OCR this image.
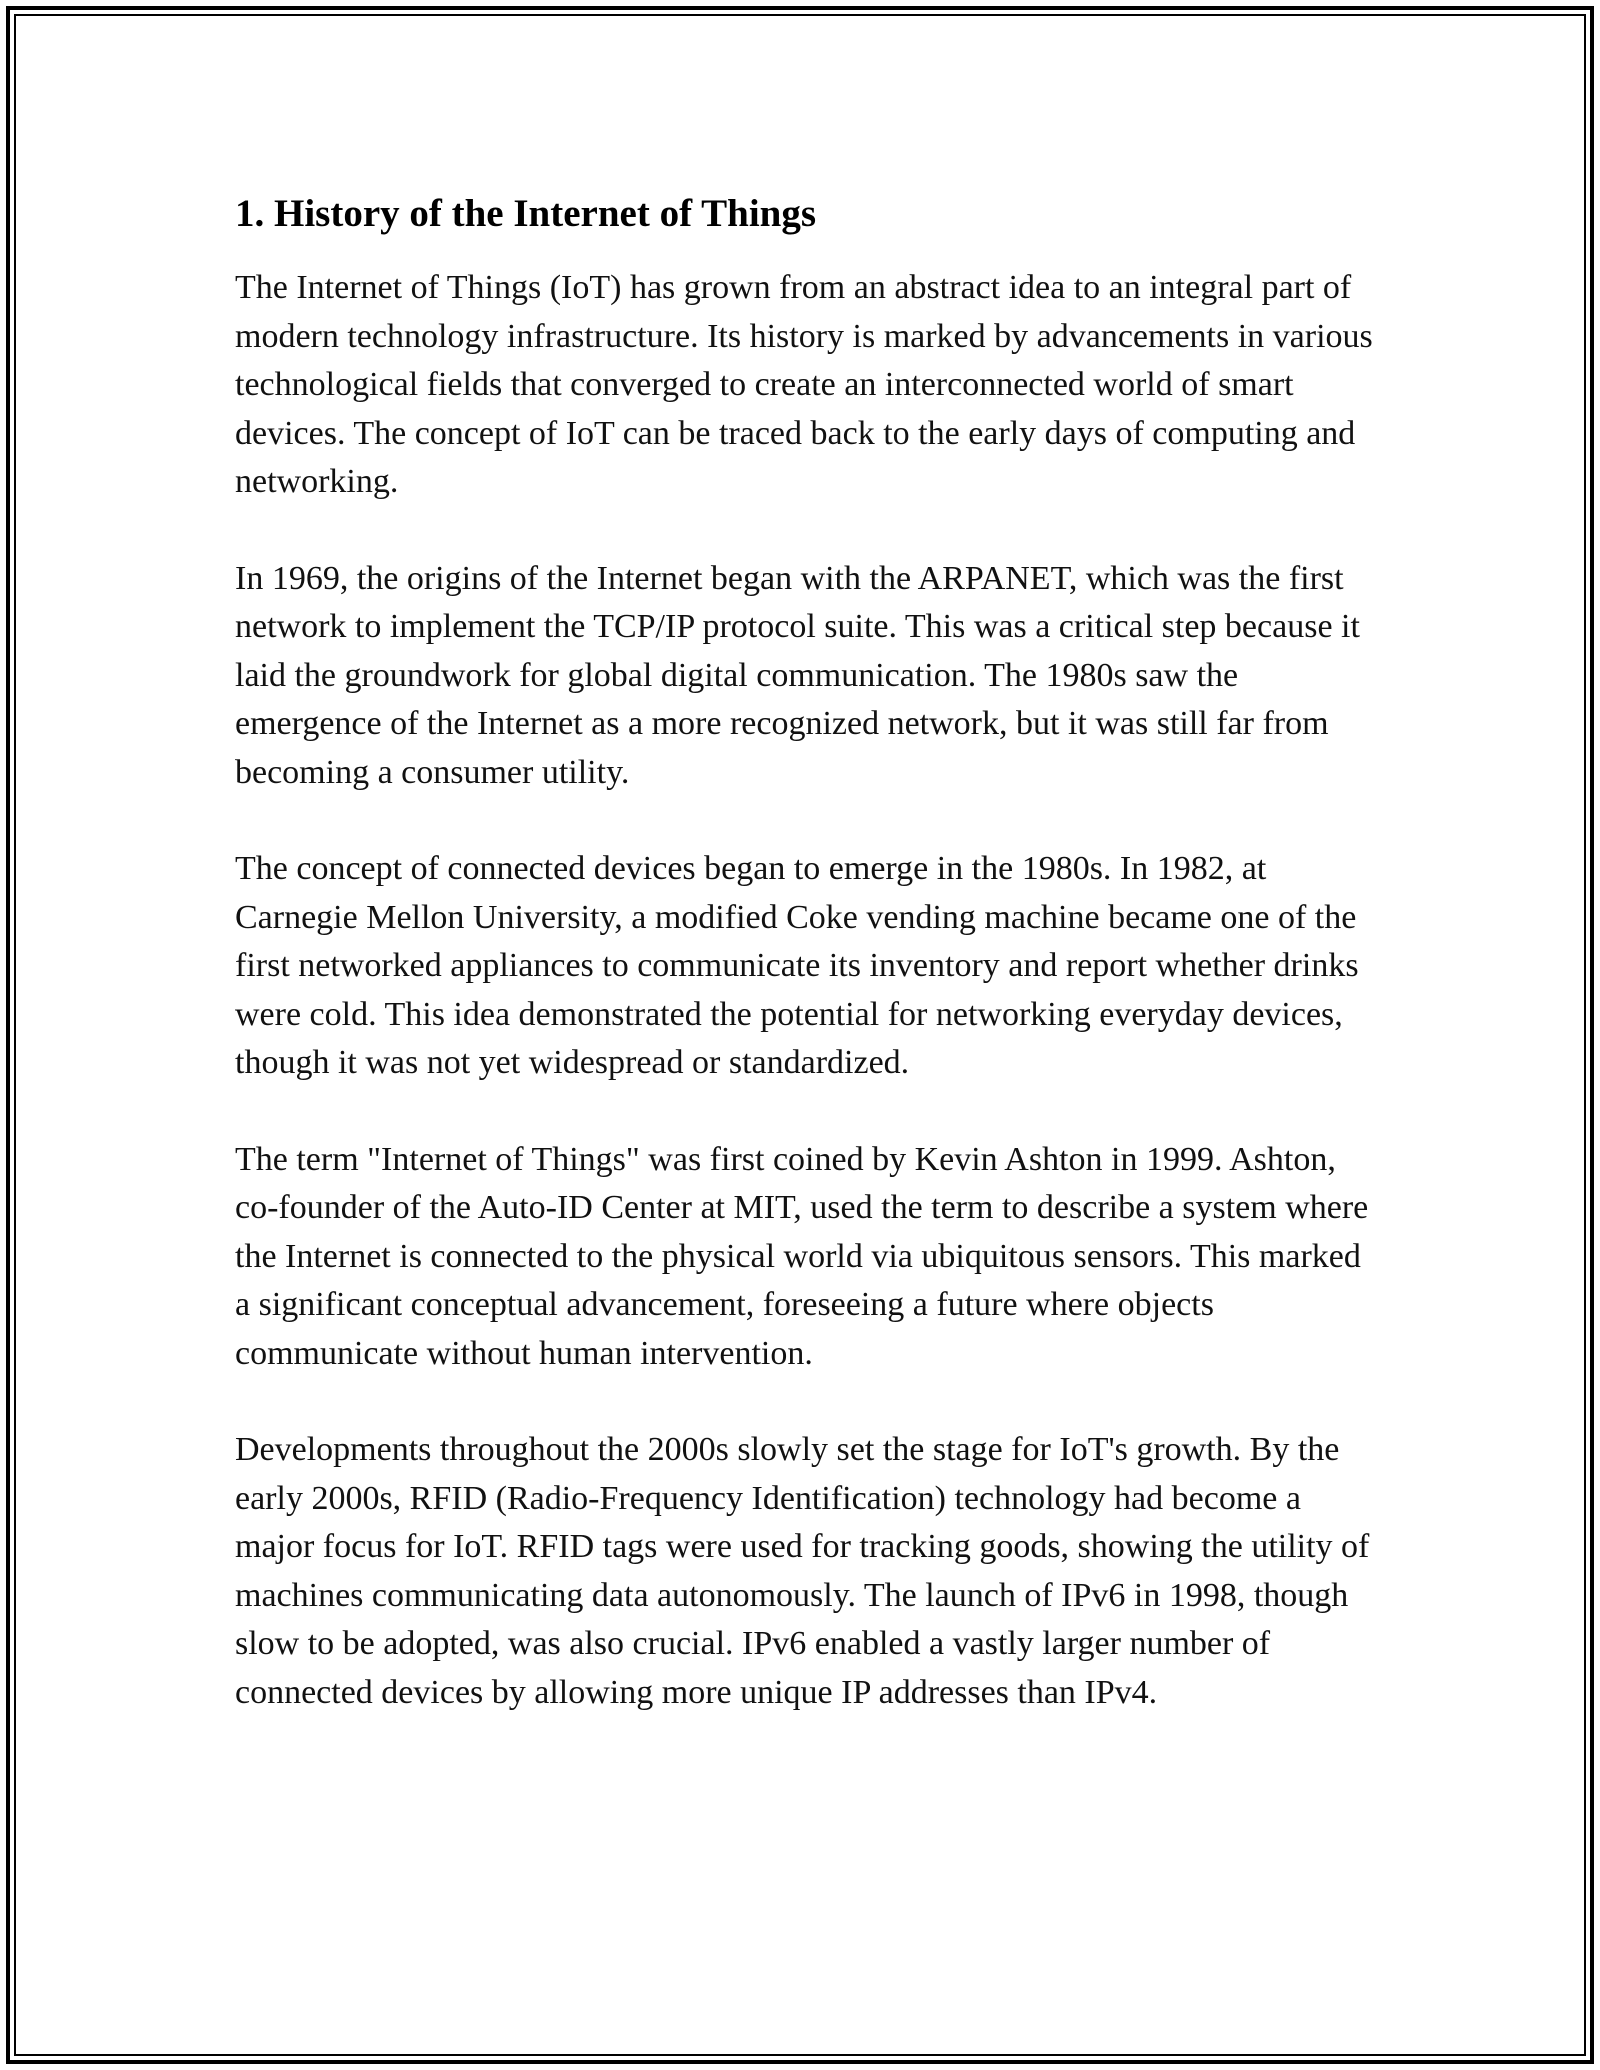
1. History of the Internet of Things

The Internet of Things (IoT) has grown from an abstract idea to an integral part of modern technology infrastructure. Its history is marked by advancements in various technological fields that converged to create an interconnected world of smart devices. The concept of IoT can be traced back to the early days of computing and networking.

In 1969, the origins of the Internet began with the ARPANET, which was the first network to implement the TCP/IP protocol suite. This was a critical step because it laid the groundwork for global digital communication. The 1980s saw the emergence of the Internet as a more recognized network, but it was still far from becoming a consumer utility.

The concept of connected devices began to emerge in the 1980s. In 1982, at Carnegie Mellon University, a modified Coke vending machine became one of the first networked appliances to communicate its inventory and report whether drinks were cold. This idea demonstrated the potential for networking everyday devices, though it was not yet widespread or standardized.

The term "Internet of Things" was first coined by Kevin Ashton in 1999. Ashton, co-founder of the Auto-ID Center at MIT, used the term to describe a system where the Internet is connected to the physical world via ubiquitous sensors. This marked a significant conceptual advancement, foreseeing a future where objects communicate without human intervention.

Developments throughout the 2000s slowly set the stage for IoT's growth. By the early 2000s, RFID (Radio-Frequency Identification) technology had become a major focus for IoT. RFID tags were used for tracking goods, showing the utility of machines communicating data autonomously. The launch of IPv6 in 1998, though slow to be adopted, was also crucial. IPv6 enabled a vastly larger number of connected devices by allowing more unique IP addresses than IPv4.
